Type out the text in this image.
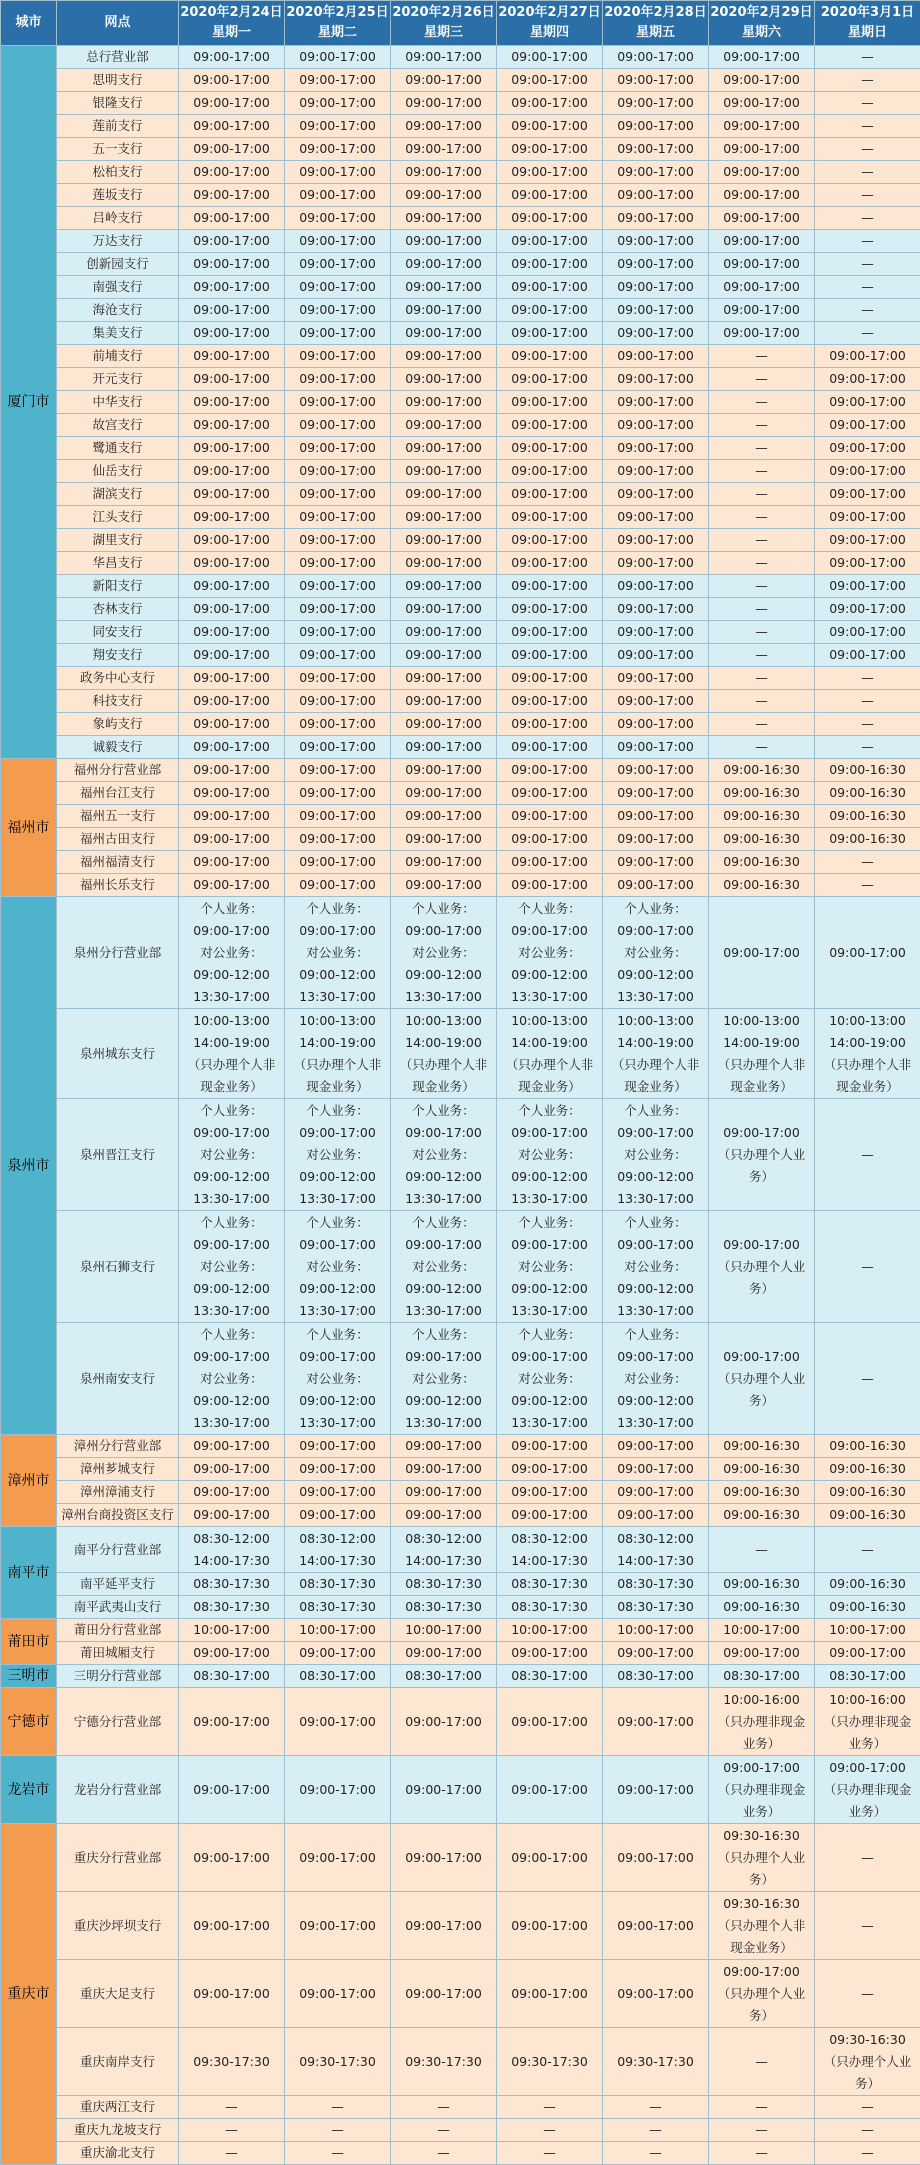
城市	网点	2020年2月24日星期一	2020年2月25日星期二	2020年2月26日星期三	2020年2月27日星期四	2020年2月28日星期五	2020年2月29日星期六	2020年3月1日星期日
厦门市	总行营业部	09:00-17:00	09:00-17:00	09:00-17:00	09:00-17:00	09:00-17:00	09:00-17:00	—

	思明支行	09:00-17:00	09:00-17:00	09:00-17:00	09:00-17:00	09:00-17:00	09:00-17:00	—

	银隆支行	09:00-17:00	09:00-17:00	09:00-17:00	09:00-17:00	09:00-17:00	09:00-17:00	—

	莲前支行	09:00-17:00	09:00-17:00	09:00-17:00	09:00-17:00	09:00-17:00	09:00-17:00	—

	五一支行	09:00-17:00	09:00-17:00	09:00-17:00	09:00-17:00	09:00-17:00	09:00-17:00	—

	松柏支行	09:00-17:00	09:00-17:00	09:00-17:00	09:00-17:00	09:00-17:00	09:00-17:00	—

	莲坂支行	09:00-17:00	09:00-17:00	09:00-17:00	09:00-17:00	09:00-17:00	09:00-17:00	—

	吕岭支行	09:00-17:00	09:00-17:00	09:00-17:00	09:00-17:00	09:00-17:00	09:00-17:00	—

	万达支行	09:00-17:00	09:00-17:00	09:00-17:00	09:00-17:00	09:00-17:00	09:00-17:00	—

	创新园支行	09:00-17:00	09:00-17:00	09:00-17:00	09:00-17:00	09:00-17:00	09:00-17:00	—

	南强支行	09:00-17:00	09:00-17:00	09:00-17:00	09:00-17:00	09:00-17:00	09:00-17:00	—

	海沧支行	09:00-17:00	09:00-17:00	09:00-17:00	09:00-17:00	09:00-17:00	09:00-17:00	—

	集美支行	09:00-17:00	09:00-17:00	09:00-17:00	09:00-17:00	09:00-17:00	09:00-17:00	—

	前埔支行	09:00-17:00	09:00-17:00	09:00-17:00	09:00-17:00	09:00-17:00	—	09:00-17:00

	开元支行	09:00-17:00	09:00-17:00	09:00-17:00	09:00-17:00	09:00-17:00	—	09:00-17:00

	中华支行	09:00-17:00	09:00-17:00	09:00-17:00	09:00-17:00	09:00-17:00	—	09:00-17:00

	故宫支行	09:00-17:00	09:00-17:00	09:00-17:00	09:00-17:00	09:00-17:00	—	09:00-17:00

	鹭通支行	09:00-17:00	09:00-17:00	09:00-17:00	09:00-17:00	09:00-17:00	—	09:00-17:00

	仙岳支行	09:00-17:00	09:00-17:00	09:00-17:00	09:00-17:00	09:00-17:00	—	09:00-17:00

	湖滨支行	09:00-17:00	09:00-17:00	09:00-17:00	09:00-17:00	09:00-17:00	—	09:00-17:00

	江头支行	09:00-17:00	09:00-17:00	09:00-17:00	09:00-17:00	09:00-17:00	—	09:00-17:00

	湖里支行	09:00-17:00	09:00-17:00	09:00-17:00	09:00-17:00	09:00-17:00	—	09:00-17:00

	华昌支行	09:00-17:00	09:00-17:00	09:00-17:00	09:00-17:00	09:00-17:00	—	09:00-17:00

	新阳支行	09:00-17:00	09:00-17:00	09:00-17:00	09:00-17:00	09:00-17:00	—	09:00-17:00

	杏林支行	09:00-17:00	09:00-17:00	09:00-17:00	09:00-17:00	09:00-17:00	—	09:00-17:00

	同安支行	09:00-17:00	09:00-17:00	09:00-17:00	09:00-17:00	09:00-17:00	—	09:00-17:00

	翔安支行	09:00-17:00	09:00-17:00	09:00-17:00	09:00-17:00	09:00-17:00	—	09:00-17:00

	政务中心支行	09:00-17:00	09:00-17:00	09:00-17:00	09:00-17:00	09:00-17:00	—	—

	科技支行	09:00-17:00	09:00-17:00	09:00-17:00	09:00-17:00	09:00-17:00	—	—

	象屿支行	09:00-17:00	09:00-17:00	09:00-17:00	09:00-17:00	09:00-17:00	—	—

	诚毅支行	09:00-17:00	09:00-17:00	09:00-17:00	09:00-17:00	09:00-17:00	—	—

福州市	福州分行营业部	09:00-17:00	09:00-17:00	09:00-17:00	09:00-17:00	09:00-17:00	09:00-16:30	09:00-16:30

	福州台江支行	09:00-17:00	09:00-17:00	09:00-17:00	09:00-17:00	09:00-17:00	09:00-16:30	09:00-16:30

	福州五一支行	09:00-17:00	09:00-17:00	09:00-17:00	09:00-17:00	09:00-17:00	09:00-16:30	09:00-16:30

	福州古田支行	09:00-17:00	09:00-17:00	09:00-17:00	09:00-17:00	09:00-17:00	09:00-16:30	09:00-16:30

	福州福清支行	09:00-17:00	09:00-17:00	09:00-17:00	09:00-17:00	09:00-17:00	09:00-16:30	—

	福州长乐支行	09:00-17:00	09:00-17:00	09:00-17:00	09:00-17:00	09:00-17:00	09:00-16:30	—

泉州市	泉州分行营业部	个人业务：
09:00-17:00
对公业务：
09:00-12:00
13:30-17:00	个人业务：
09:00-17:00
对公业务：
09:00-12:00
13:30-17:00	个人业务：
09:00-17:00
对公业务：
09:00-12:00
13:30-17:00	个人业务：
09:00-17:00
对公业务：
09:00-12:00
13:30-17:00	个人业务：
09:00-17:00
对公业务：
09:00-12:00
13:30-17:00	09:00-17:00	09:00-17:00

	泉州城东支行	10:00-13:00
14:00-19:00
（只办理个人非
现金业务）	10:00-13:00
14:00-19:00
（只办理个人非
现金业务）	10:00-13:00
14:00-19:00
（只办理个人非
现金业务）	10:00-13:00
14:00-19:00
（只办理个人非
现金业务）	10:00-13:00
14:00-19:00
（只办理个人非
现金业务）	10:00-13:00
14:00-19:00
（只办理个人非
现金业务）	10:00-13:00
14:00-19:00
（只办理个人非
现金业务）

	泉州晋江支行	个人业务：
09:00-17:00
对公业务：
09:00-12:00
13:30-17:00	个人业务：
09:00-17:00
对公业务：
09:00-12:00
13:30-17:00	个人业务：
09:00-17:00
对公业务：
09:00-12:00
13:30-17:00	个人业务：
09:00-17:00
对公业务：
09:00-12:00
13:30-17:00	个人业务：
09:00-17:00
对公业务：
09:00-12:00
13:30-17:00	09:00-17:00
（只办理个人业
务）	—

	泉州石狮支行	个人业务：
09:00-17:00
对公业务：
09:00-12:00
13:30-17:00	个人业务：
09:00-17:00
对公业务：
09:00-12:00
13:30-17:00	个人业务：
09:00-17:00
对公业务：
09:00-12:00
13:30-17:00	个人业务：
09:00-17:00
对公业务：
09:00-12:00
13:30-17:00	个人业务：
09:00-17:00
对公业务：
09:00-12:00
13:30-17:00	09:00-17:00
（只办理个人业
务）	—

	泉州南安支行	个人业务：
09:00-17:00
对公业务：
09:00-12:00
13:30-17:00	个人业务：
09:00-17:00
对公业务：
09:00-12:00
13:30-17:00	个人业务：
09:00-17:00
对公业务：
09:00-12:00
13:30-17:00	个人业务：
09:00-17:00
对公业务：
09:00-12:00
13:30-17:00	个人业务：
09:00-17:00
对公业务：
09:00-12:00
13:30-17:00	09:00-17:00
（只办理个人业
务）	—

漳州市	漳州分行营业部	09:00-17:00	09:00-17:00	09:00-17:00	09:00-17:00	09:00-17:00	09:00-16:30	09:00-16:30

	漳州芗城支行	09:00-17:00	09:00-17:00	09:00-17:00	09:00-17:00	09:00-17:00	09:00-16:30	09:00-16:30

	漳州漳浦支行	09:00-17:00	09:00-17:00	09:00-17:00	09:00-17:00	09:00-17:00	09:00-16:30	09:00-16:30

	漳州台商投资区支行	09:00-17:00	09:00-17:00	09:00-17:00	09:00-17:00	09:00-17:00	09:00-16:30	09:00-16:30

南平市	南平分行营业部	08:30-12:00
14:00-17:30	08:30-12:00
14:00-17:30	08:30-12:00
14:00-17:30	08:30-12:00
14:00-17:30	08:30-12:00
14:00-17:30	—	—

	南平延平支行	08:30-17:30	08:30-17:30	08:30-17:30	08:30-17:30	08:30-17:30	09:00-16:30	09:00-16:30

	南平武夷山支行	08:30-17:30	08:30-17:30	08:30-17:30	08:30-17:30	08:30-17:30	09:00-16:30	09:00-16:30

莆田市	莆田分行营业部	10:00-17:00	10:00-17:00	10:00-17:00	10:00-17:00	10:00-17:00	10:00-17:00	10:00-17:00

	莆田城厢支行	09:00-17:00	09:00-17:00	09:00-17:00	09:00-17:00	09:00-17:00	09:00-17:00	09:00-17:00

三明市	三明分行营业部	08:30-17:00	08:30-17:00	08:30-17:00	08:30-17:00	08:30-17:00	08:30-17:00	08:30-17:00

宁德市	宁德分行营业部	09:00-17:00	09:00-17:00	09:00-17:00	09:00-17:00	09:00-17:00	10:00-16:00
（只办理非现金
业务）	10:00-16:00
（只办理非现金
业务）

龙岩市	龙岩分行营业部	09:00-17:00	09:00-17:00	09:00-17:00	09:00-17:00	09:00-17:00	09:00-17:00
（只办理非现金
业务）	09:00-17:00
（只办理非现金
业务）

重庆市	重庆分行营业部	09:00-17:00	09:00-17:00	09:00-17:00	09:00-17:00	09:00-17:00	09:30-16:30
（只办理个人业
务）	—

	重庆沙坪坝支行	09:00-17:00	09:00-17:00	09:00-17:00	09:00-17:00	09:00-17:00	09:30-16:30
（只办理个人非
现金业务）	—

	重庆大足支行	09:00-17:00	09:00-17:00	09:00-17:00	09:00-17:00	09:00-17:00	09:00-17:00
（只办理个人业
务）	—

	重庆南岸支行	09:30-17:30	09:30-17:30	09:30-17:30	09:30-17:30	09:30-17:30	—	09:30-16:30
（只办理个人业
务）

	重庆两江支行	—	—	—	—	—	—	—

	重庆九龙坡支行	—	—	—	—	—	—	—

	重庆渝北支行	—	—	—	—	—	—	—
